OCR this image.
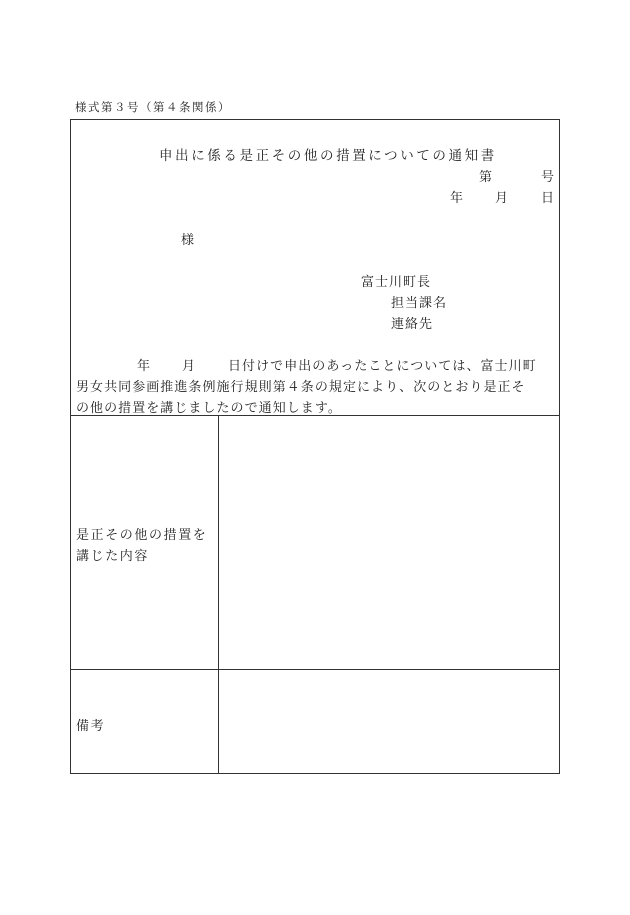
様式第３号（第４条関係）
申出に係る是正その他の措置についての通知書
第	号
年 月	日
様
富士川町長
担当課名
連絡先
年 月	日付けで申出のあったことについては、富士川町
男女共同参画推進条例施行規則第４条の規定により、次のとおり是正そ
の他の措置を講じましたので通知します。
是正その他の措置を
講じた内容
備考
